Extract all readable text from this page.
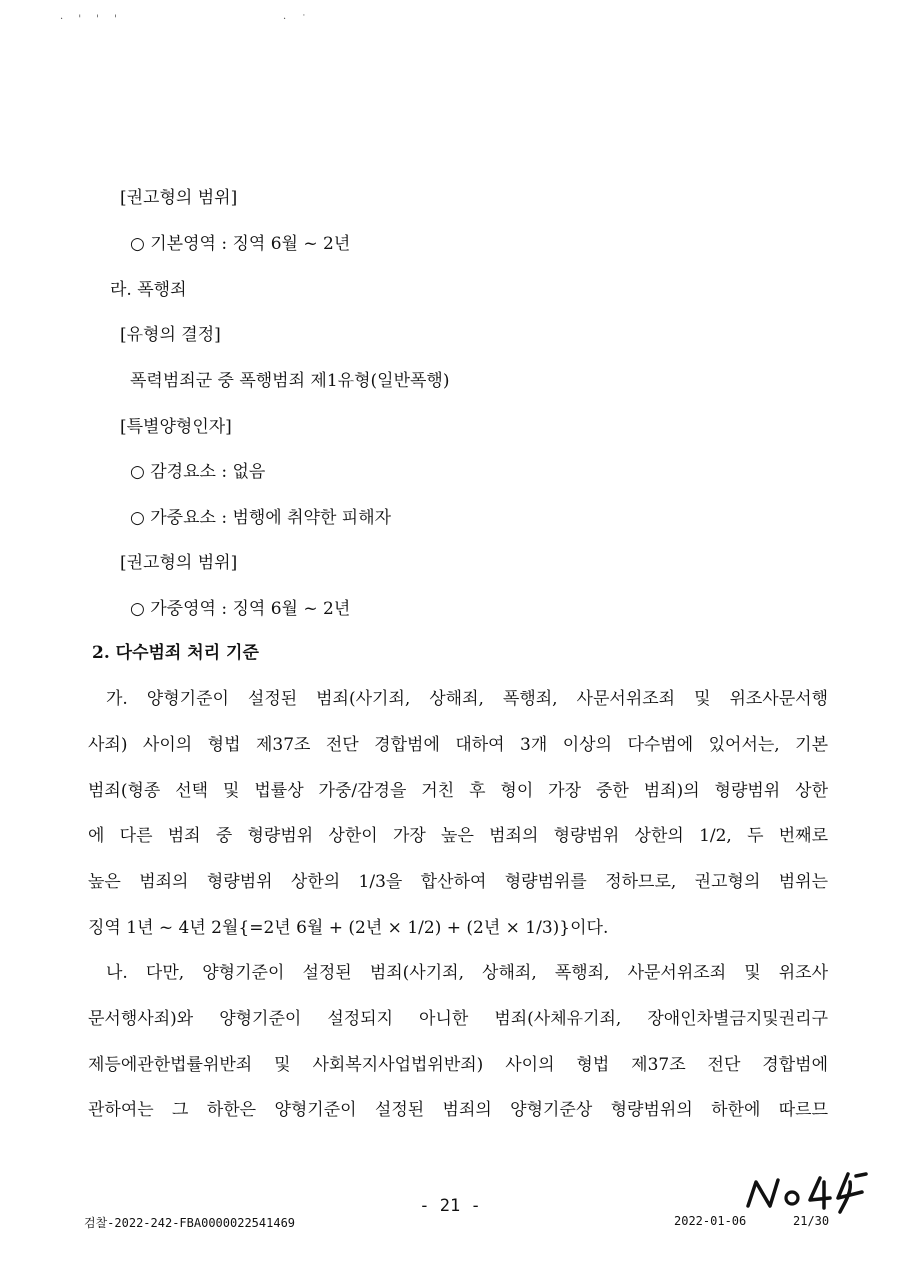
· ' ' '　　　　　　　　　　· ˙
[권고형의 범위]
○ 기본영역 : 징역 6월 ~ 2년
라. 폭행죄
[유형의 결정]
폭력범죄군 중 폭행범죄 제1유형(일반폭행)
[특별양형인자]
○ 감경요소 : 없음
○ 가중요소 : 범행에 취약한 피해자
[권고형의 범위]
○ 가중영역 : 징역 6월 ~ 2년
2. 다수범죄 처리 기준
가. 양형기준이 설정된 범죄(사기죄, 상해죄, 폭행죄, 사문서위조죄 및 위조사문서행
사죄) 사이의 형법 제37조 전단 경합범에 대하여 3개 이상의 다수범에 있어서는, 기본
범죄(형종 선택 및 법률상 가중/감경을 거친 후 형이 가장 중한 범죄)의 형량범위 상한
에 다른 범죄 중 형량범위 상한이 가장 높은 범죄의 형량범위 상한의 1/2, 두 번째로
높은 범죄의 형량범위 상한의 1/3을 합산하여 형량범위를 정하므로, 권고형의 범위는
징역 1년 ~ 4년 2월{=2년 6월 + (2년 × 1/2) + (2년 × 1/3)}이다.
나. 다만, 양형기준이 설정된 범죄(사기죄, 상해죄, 폭행죄, 사문서위조죄 및 위조사
문서행사죄)와 양형기준이 설정되지 아니한 범죄(사체유기죄, 장애인차별금지및권리구
제등에관한법률위반죄 및 사회복지사업법위반죄) 사이의 형법 제37조 전단 경합범에
관하여는 그 하한은 양형기준이 설정된 범죄의 양형기준상 형량범위의 하한에 따르므
- 21 -
검찰-2022-242-FBA0000022541469	2022-01-06	21/30
